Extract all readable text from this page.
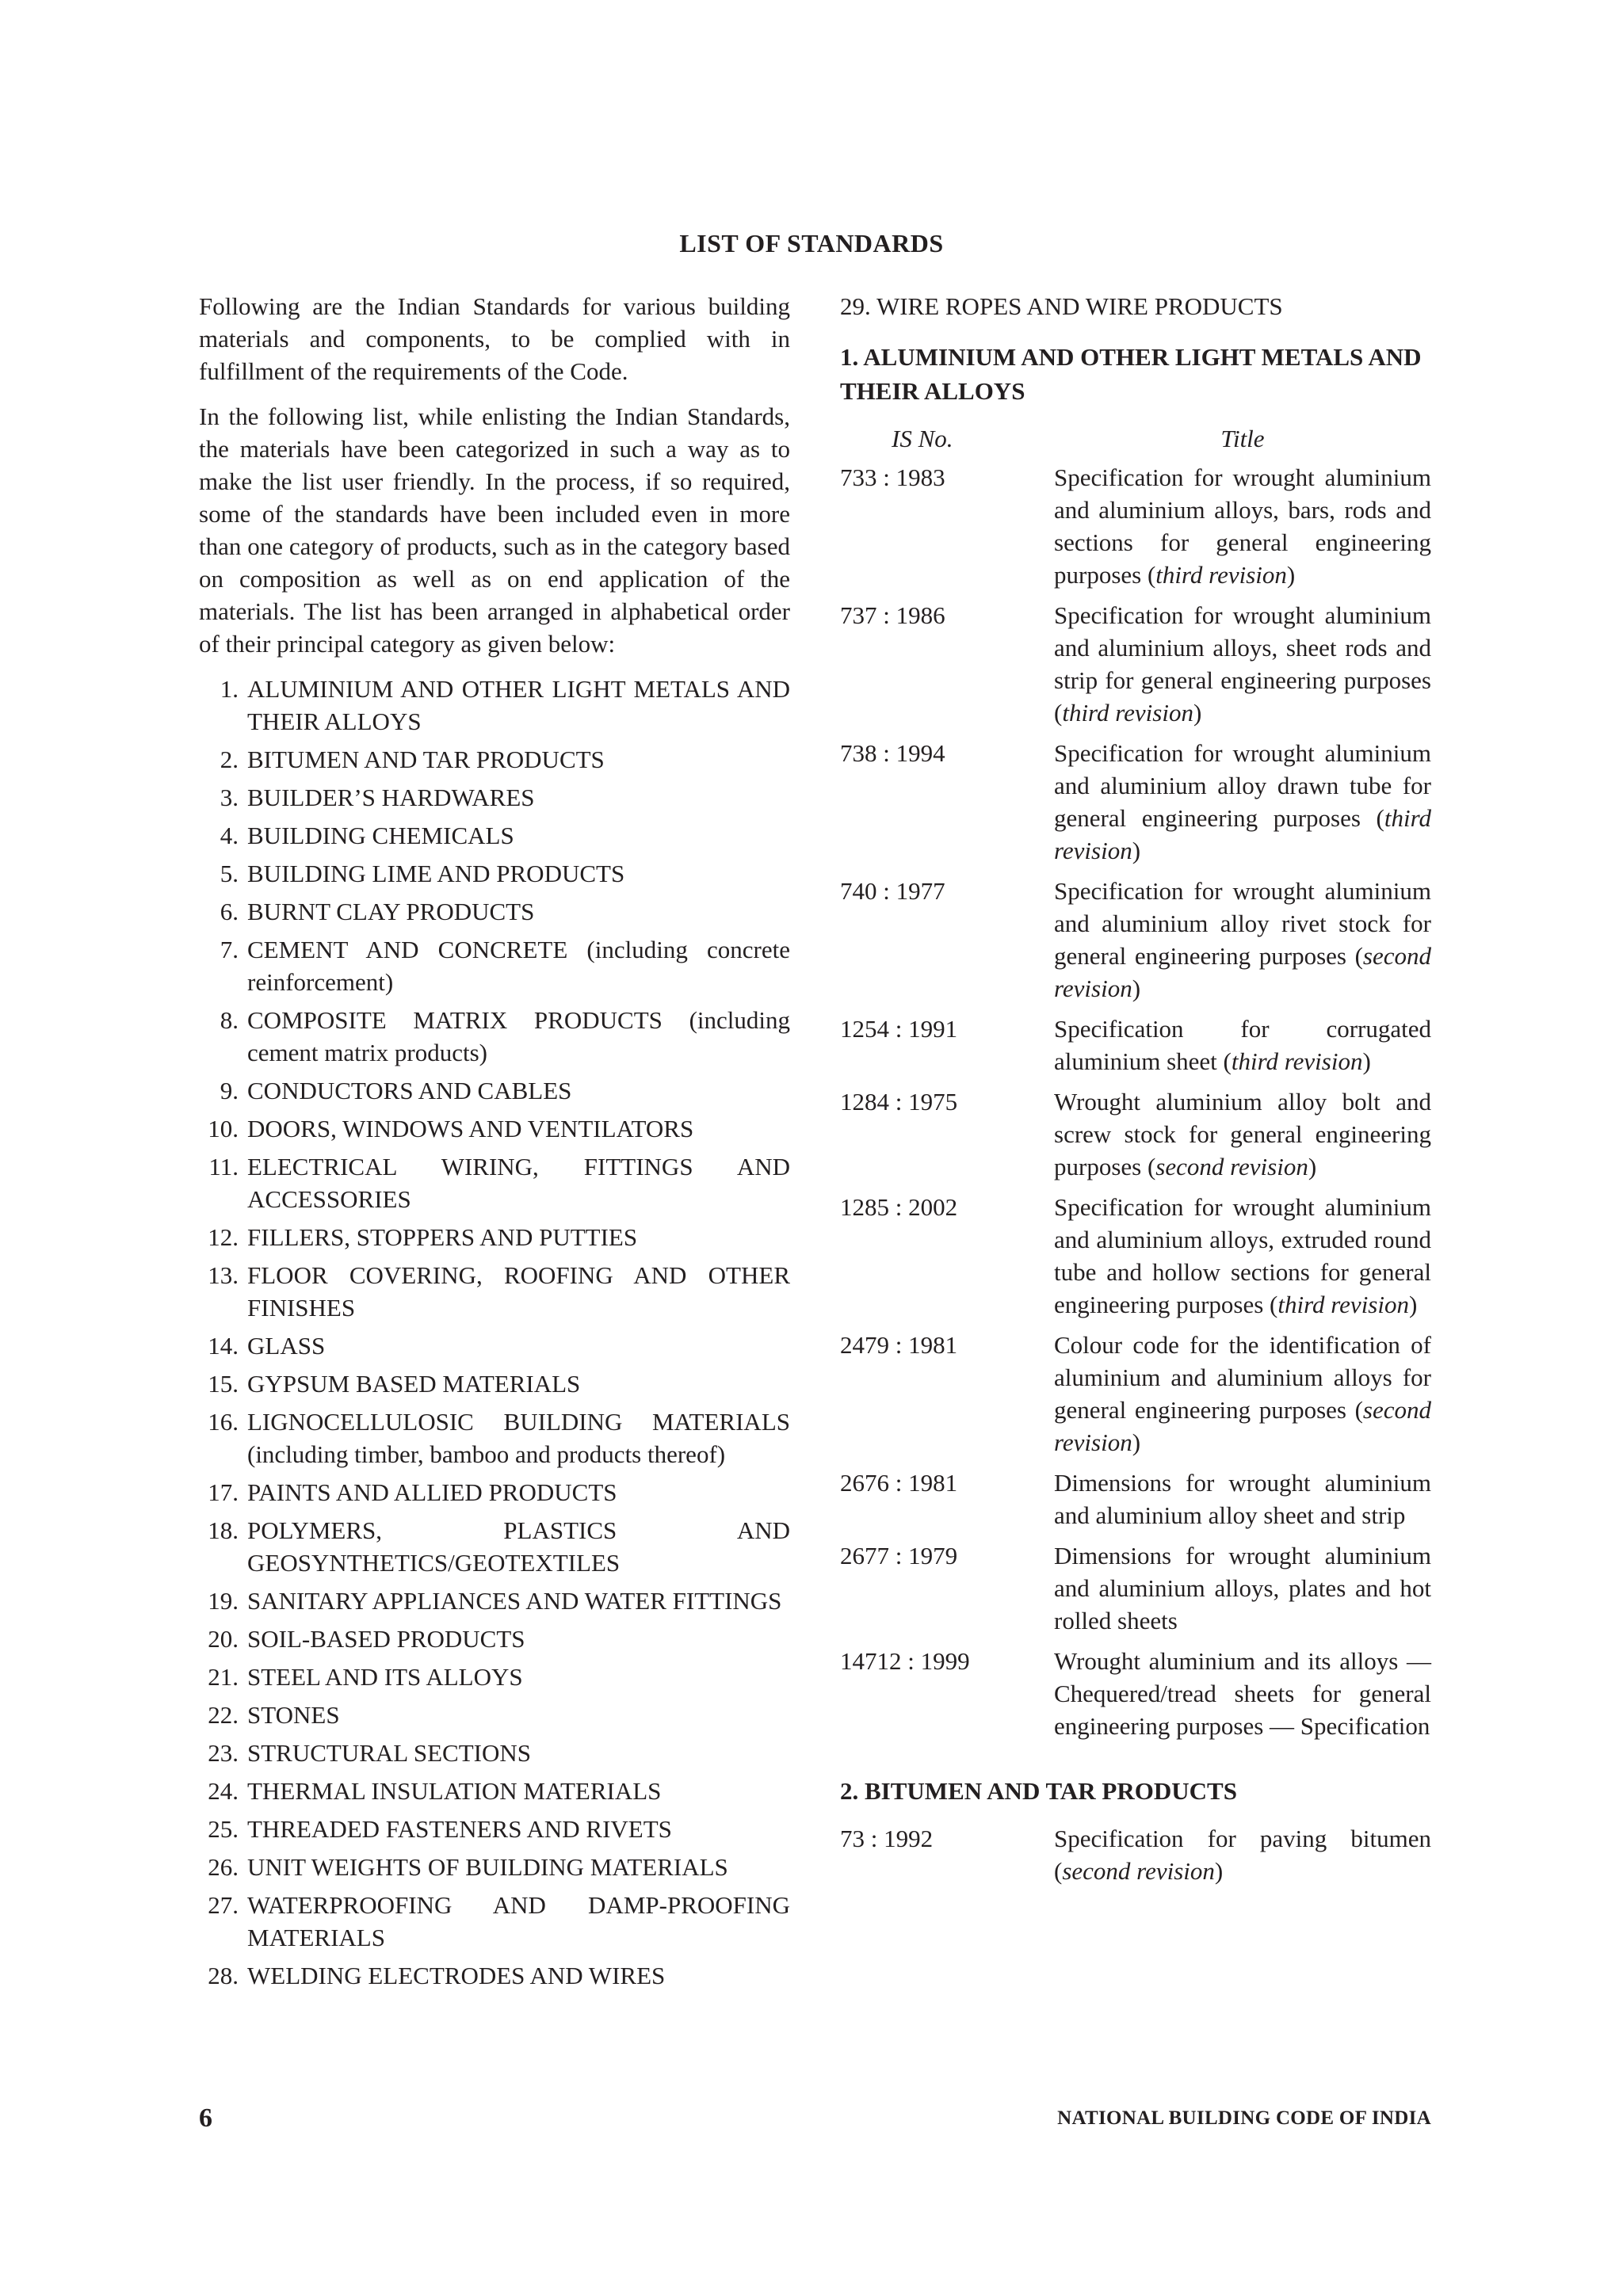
LIST OF STANDARDS

Following are the Indian Standards for various building materials and components, to be complied with in fulfillment of the requirements of the Code.

In the following list, while enlisting the Indian Standards, the materials have been categorized in such a way as to make the list user friendly. In the process, if so required, some of the standards have been included even in more than one category of products, such as in the category based on composition as well as on end application of the materials. The list has been arranged in alphabetical order of their principal category as given below:

1. ALUMINIUM AND OTHER LIGHT METALS AND THEIR ALLOYS
2. BITUMEN AND TAR PRODUCTS
3. BUILDER’S HARDWARES
4. BUILDING CHEMICALS
5. BUILDING LIME AND PRODUCTS
6. BURNT CLAY PRODUCTS
7. CEMENT AND CONCRETE (including concrete reinforcement)
8. COMPOSITE MATRIX PRODUCTS (including cement matrix products)
9. CONDUCTORS AND CABLES
10. DOORS, WINDOWS AND VENTILATORS
11. ELECTRICAL WIRING, FITTINGS AND ACCESSORIES
12. FILLERS, STOPPERS AND PUTTIES
13. FLOOR COVERING, ROOFING AND OTHER FINISHES
14. GLASS
15. GYPSUM BASED MATERIALS
16. LIGNOCELLULOSIC BUILDING MATERIALS (including timber, bamboo and products thereof)
17. PAINTS AND ALLIED PRODUCTS
18. POLYMERS, PLASTICS AND GEOSYNTHETICS/GEOTEXTILES
19. SANITARY APPLIANCES AND WATER FITTINGS
20. SOIL-BASED PRODUCTS
21. STEEL AND ITS ALLOYS
22. STONES
23. STRUCTURAL SECTIONS
24. THERMAL INSULATION MATERIALS
25. THREADED FASTENERS AND RIVETS
26. UNIT WEIGHTS OF BUILDING MATERIALS
27. WATERPROOFING AND DAMP-PROOFING MATERIALS
28. WELDING ELECTRODES AND WIRES
29. WIRE ROPES AND WIRE PRODUCTS
1. ALUMINIUM AND OTHER LIGHT METALS AND THEIR ALLOYS
IS No.	Title
733 : 1983	Specification for wrought aluminium and aluminium alloys, bars, rods and sections for general engineering purposes (third revision)
737 : 1986	Specification for wrought aluminium and aluminium alloys, sheet rods and strip for general engineering purposes (third revision)
738 : 1994	Specification for wrought aluminium and aluminium alloy drawn tube for general engineering purposes (third revision)
740 : 1977	Specification for wrought aluminium and aluminium alloy rivet stock for general engineering purposes (second revision)
1254 : 1991	Specification for corrugated aluminium sheet (third revision)
1284 : 1975	Wrought aluminium alloy bolt and screw stock for general engineering purposes (second revision)
1285 : 2002	Specification for wrought aluminium and aluminium alloys, extruded round tube and hollow sections for general engineering purposes (third revision)
2479 : 1981	Colour code for the identification of aluminium and aluminium alloys for general engineering purposes (second revision)
2676 : 1981	Dimensions for wrought aluminium and aluminium alloy sheet and strip
2677 : 1979	Dimensions for wrought aluminium and aluminium alloys, plates and hot rolled sheets
14712 : 1999	Wrought aluminium and its alloys — Chequered/tread sheets for general engineering purposes — Specification
2. BITUMEN AND TAR PRODUCTS
73 : 1992	Specification for paving bitumen (second revision)
6	NATIONAL BUILDING CODE OF INDIA
